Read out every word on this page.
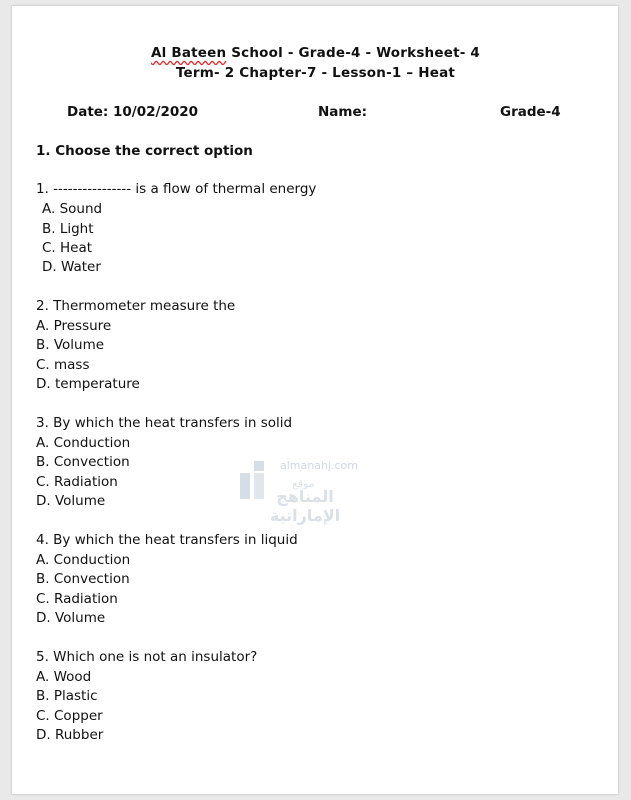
Al Bateen School - Grade-4 - Worksheet- 4
Term- 2 Chapter-7 - Lesson-1 – Heat
Date: 10/02/2020	Name:	Grade-4
1. Choose the correct option
1. ---------------- is a flow of thermal energy
A. Sound
B. Light
C. Heat
D. Water
2. Thermometer measure the
A. Pressure
B. Volume
C. mass
D. temperature
3. By which the heat transfers in solid
A. Conduction
B. Convection
C. Radiation
D. Volume
4. By which the heat transfers in liquid
A. Conduction
B. Convection
C. Radiation
D. Volume
5. Which one is not an insulator?
A. Wood
B. Plastic
C. Copper
D. Rubber
almanahj.com
موقع
المناهج الإماراتية
